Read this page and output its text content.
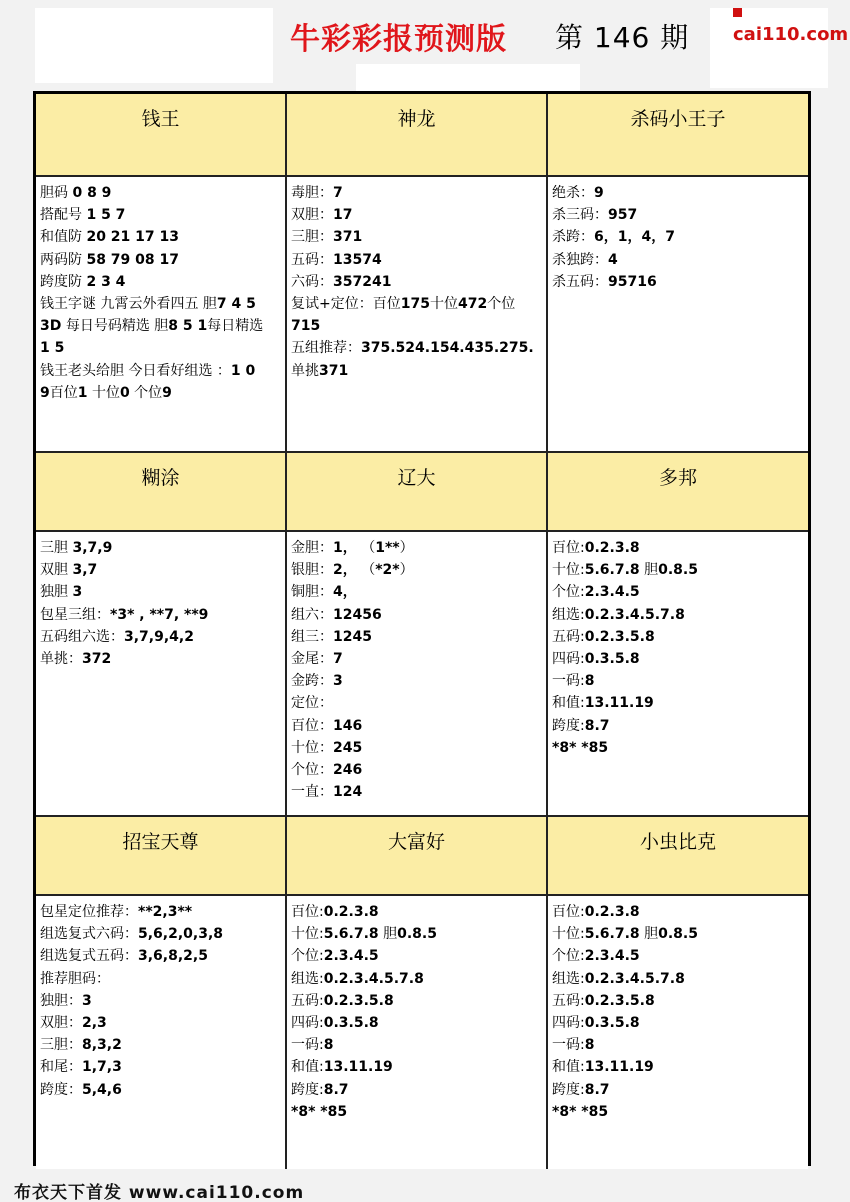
牛彩彩报预测版 第 146 期 cai110.com
钱王	神龙	杀码小王子
胆码 0 8 9
搭配号 1 5 7
和值防 20 21 17 13
两码防 58 79 08 17
跨度防 2 3 4
钱王字谜 九霄云外看四五 胆7 4 5
3D 每日号码精选 胆8 5 1每日精选
1 5
钱王老头给胆 今日看好组选 ：1 0
9百位1 十位0 个位9
毒胆：7
双胆：17
三胆：371
五码：13574
六码：357241
复试+定位：百位175十位472个位
715
五组推荐：375.524.154.435.275.
单挑371
绝杀：9
杀三码：957
杀跨：6，1，4，7
杀独跨：4
杀五码：95716
糊涂	辽大	多邦
三胆 3,7,9
双胆 3,7
独胆 3
包星三组：*3* , **7, **9
五码组六选：3,7,9,4,2
单挑：372
金胆：1， （1**）
银胆：2， （*2*）
铜胆：4，
组六：12456
组三：1245
金尾：7
金跨：3
定位：
百位：146
十位：245
个位：246
一直：124
百位:0.2.3.8
十位:5.6.7.8 胆0.8.5
个位:2.3.4.5
组选:0.2.3.4.5.7.8
五码:0.2.3.5.8
四码:0.3.5.8
一码:8
和值:13.11.19
跨度:8.7
*8* *85
招宝天尊	大富好	小虫比克
包星定位推荐：**2,3**
组选复式六码：5,6,2,0,3,8
组选复式五码：3,6,8,2,5
推荐胆码：
独胆：3
双胆：2,3
三胆：8,3,2
和尾：1,7,3
跨度：5,4,6
百位:0.2.3.8
十位:5.6.7.8 胆0.8.5
个位:2.3.4.5
组选:0.2.3.4.5.7.8
五码:0.2.3.5.8
四码:0.3.5.8
一码:8
和值:13.11.19
跨度:8.7
*8* *85
百位:0.2.3.8
十位:5.6.7.8 胆0.8.5
个位:2.3.4.5
组选:0.2.3.4.5.7.8
五码:0.2.3.5.8
四码:0.3.5.8
一码:8
和值:13.11.19
跨度:8.7
*8* *85
布衣天下首发 www.cai110.com
